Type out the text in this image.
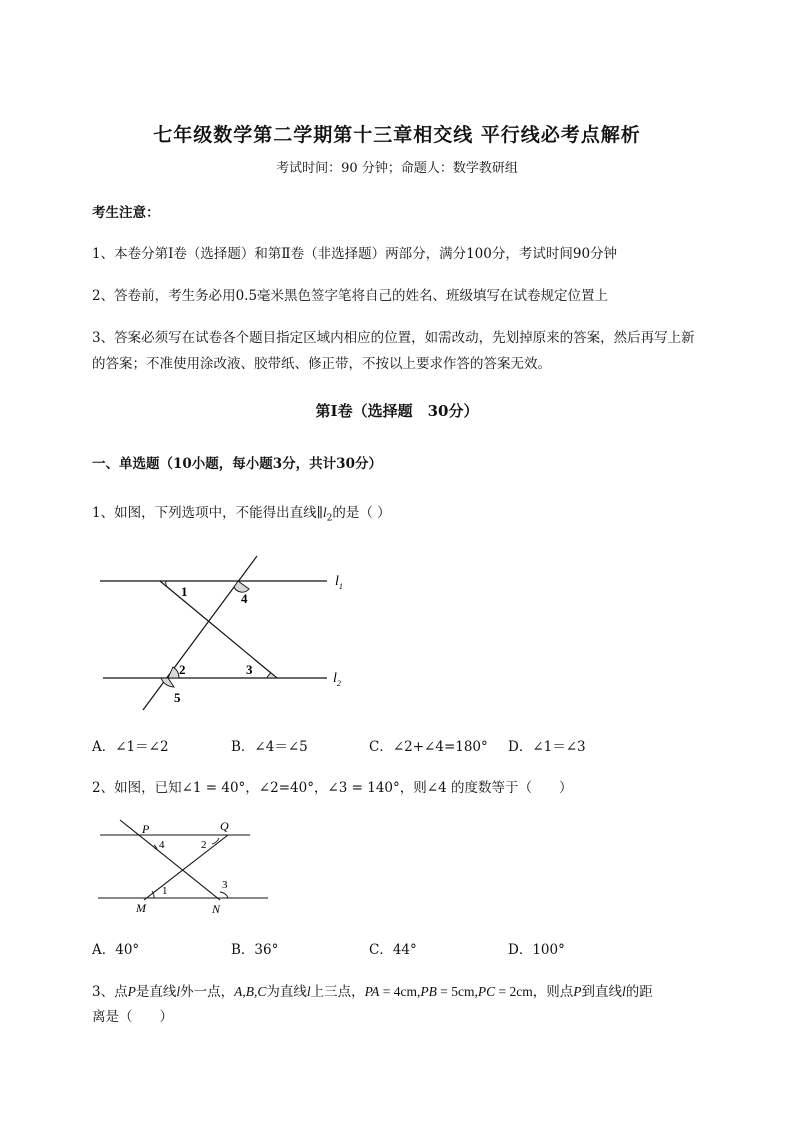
七年级数学第二学期第十三章相交线 平行线必考点解析
考试时间：90 分钟；命题人：数学教研组
考生注意：
1、本卷分第Ⅰ卷（选择题）和第Ⅱ卷（非选择题）两部分，满分100分，考试时间90分钟
2、答卷前，考生务必用0.5毫米黑色签字笔将自己的姓名、班级填写在试卷规定位置上
3、答案必须写在试卷各个题目指定区域内相应的位置，如需改动，先划掉原来的答案，然后再写上新
的答案；不准使用涂改液、胶带纸、修正带，不按以上要求作答的答案无效。
第Ⅰ卷（选择题　30分）
一、单选题（10小题，每小题3分，共计30分）
1、如图，下列选项中，不能得出直线$\parallel l_2$的是（ ）
1	4
2	3
5
$l_1$
$l_2$
A．∠1＝∠2	B．∠4＝∠5	C．∠2+∠4=180° D．∠1＝∠3
2、如图，已知∠1 = 40°，∠2=40°，∠3 = 140°，则∠4 的度数等于（　　）
P	Q
M	N
4	2
1	3
A．40°	B．36°	C．44°	D．100°
3、点P是直线l外一点，A,B,C为直线l上三点，PA = 4cm,PB = 5cm,PC = 2cm，则点P到直线l的距
离是（　　）
